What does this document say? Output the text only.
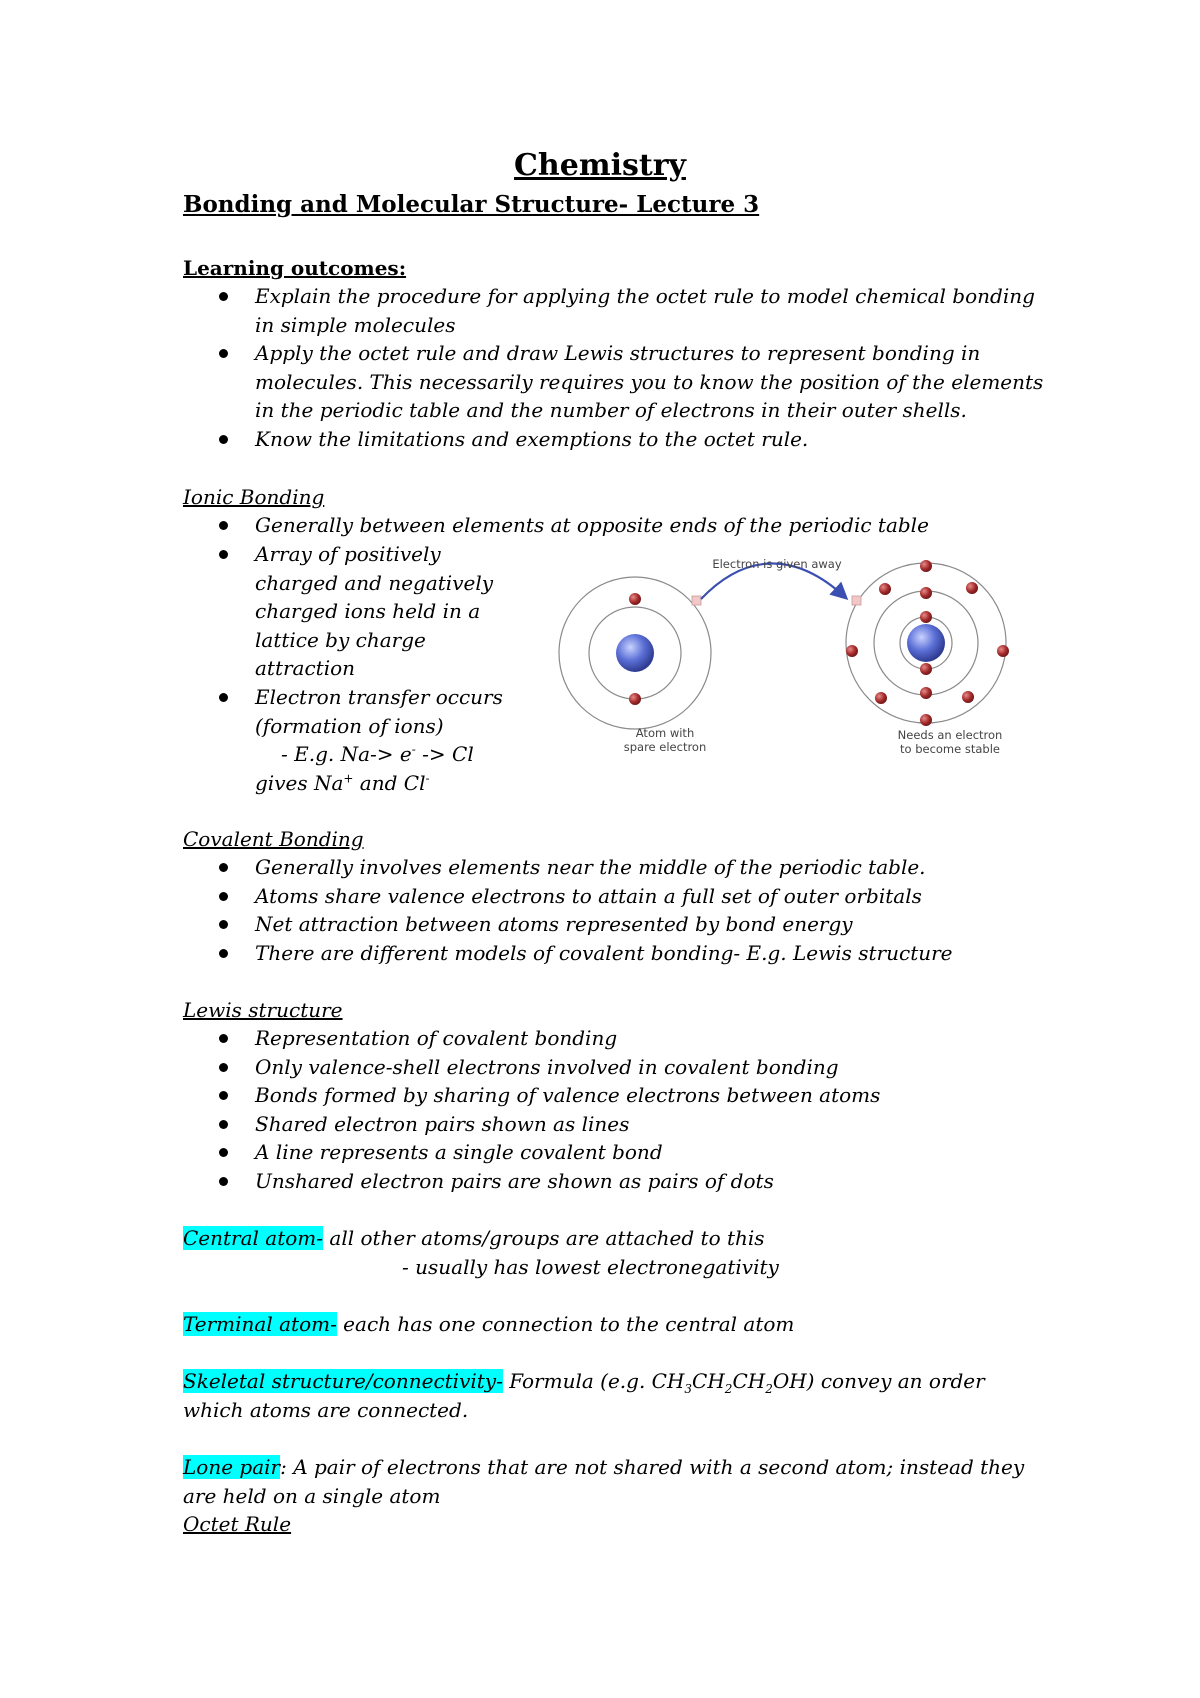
Chemistry
Bonding and Molecular Structure- Lecture 3
Learning outcomes:
Explain the procedure for applying the octet rule to model chemical bonding
in simple molecules
Apply the octet rule and draw Lewis structures to represent bonding in
molecules. This necessarily requires you to know the position of the elements
in the periodic table and the number of electrons in their outer shells.
Know the limitations and exemptions to the octet rule.
Ionic Bonding
Generally between elements at opposite ends of the periodic table
Array of positively
charged and negatively
charged ions held in a
lattice by charge
attraction
Electron transfer occurs
(formation of ions)
- E.g. Na-> e- -> Cl
gives Na+ and Cl-
Electron is given away
Atom with
spare electron
Needs an electron
to become stable
Covalent Bonding
Generally involves elements near the middle of the periodic table.
Atoms share valence electrons to attain a full set of outer orbitals
Net attraction between atoms represented by bond energy
There are different models of covalent bonding- E.g. Lewis structure
Lewis structure
Representation of covalent bonding
Only valence-shell electrons involved in covalent bonding
Bonds formed by sharing of valence electrons between atoms
Shared electron pairs shown as lines
A line represents a single covalent bond
Unshared electron pairs are shown as pairs of dots
Central atom- all other atoms/groups are attached to this
- usually has lowest electronegativity
Terminal atom- each has one connection to the central atom
Skeletal structure/connectivity- Formula (e.g. $CH_3CH_2CH_2OH$) convey an order
which atoms are connected.
Lone pair: A pair of electrons that are not shared with a second atom; instead they
are held on a single atom
Octet Rule
